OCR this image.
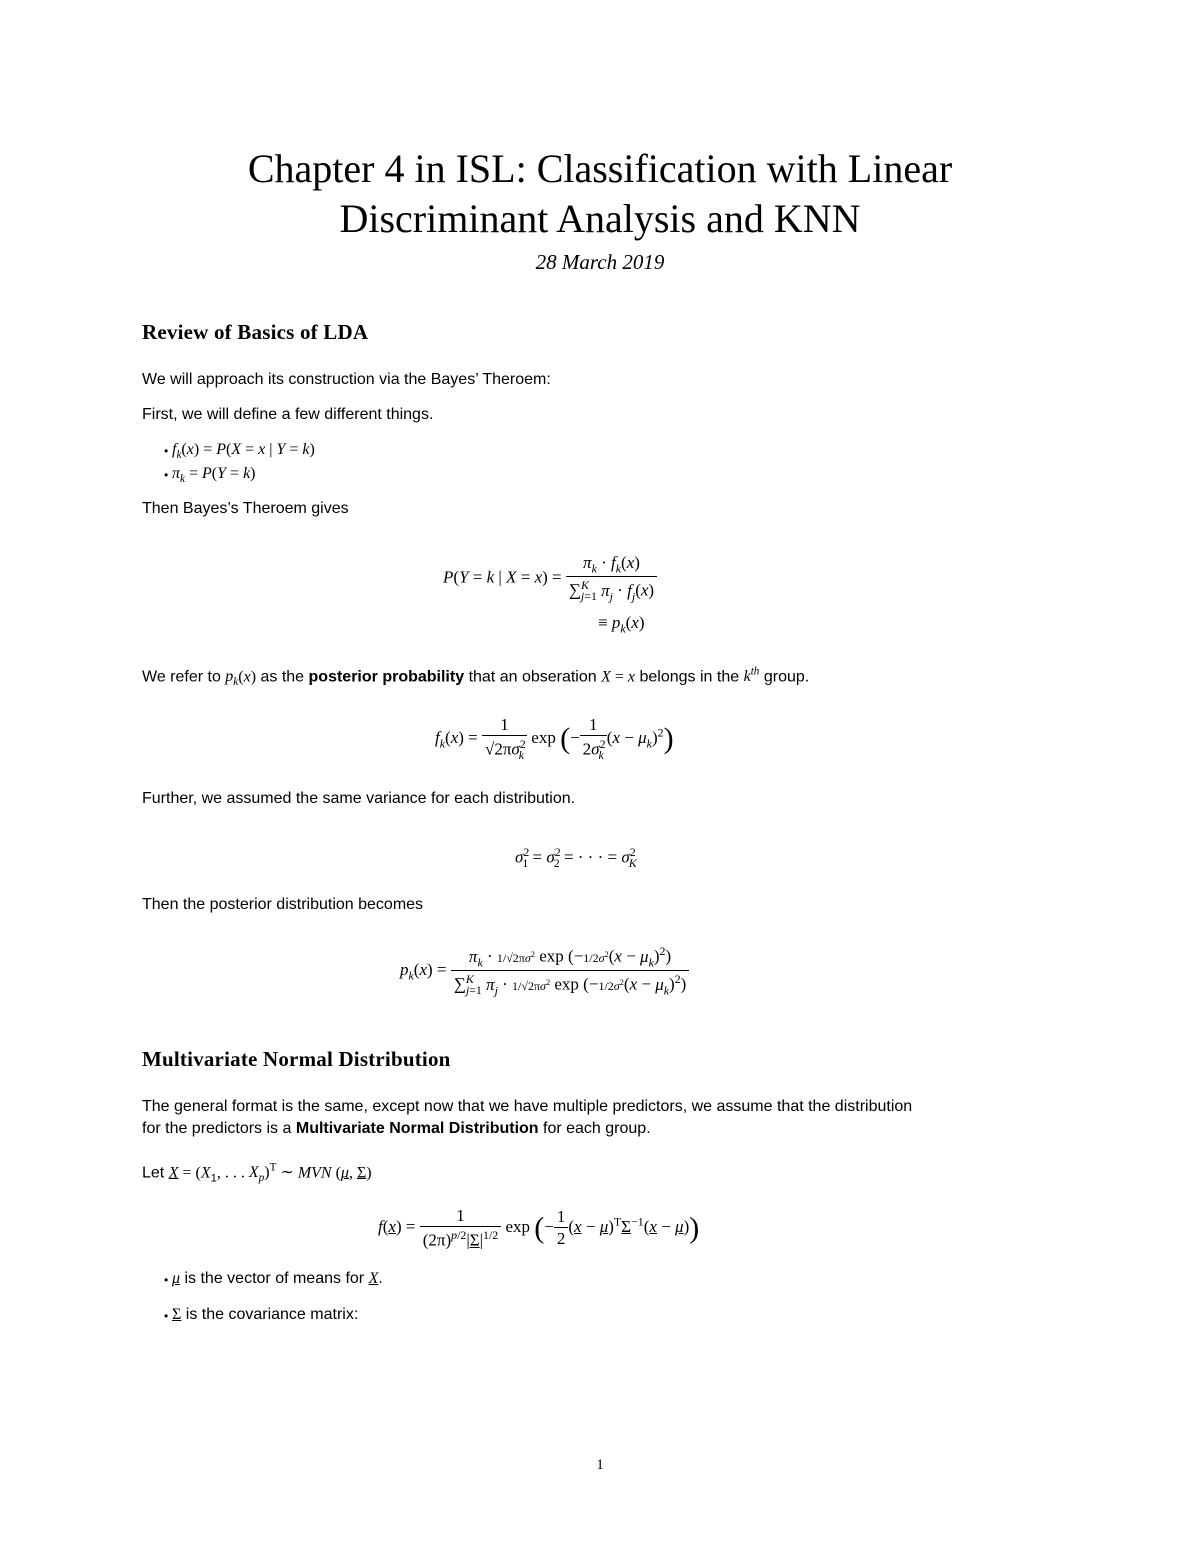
Chapter 4 in ISL: Classification with Linear
Discriminant Analysis and KNN
28 March 2019
Review of Basics of LDA
We will approach its construction via the Bayes’ Theroem:
First, we will define a few different things.
• $f_k(x) = P(X = x$ | Y = k)
• $\pi_k = P(Y = k)$
Then Bayes’s Theroem gives
P(Y = k | $X = x) = \frac{\pi_k \cdot f_k(x)}{\sum^K_{j=1} \pi_j \cdot f_j(x)}$
≡ $p_k(x)$
We refer to $p_k(x)$ as the posterior probability that an obseration X = x belongs in the $k^{th}$ group.
$f_k(x) = \frac{1}{√2\pi\sigma^2_k}$ exp (− $\frac{1}{2\sigma^2_k} (x - \mu_k)^2$)
Further, we assumed the same variance for each distribution.
$\sigma^2_1 = \sigma^2_2$ = · · · = $\sigma^2_K$
Then the posterior distribution becomes
$p_k(x) = \frac{\pi_k \cdot 1/√2\pi\sigma^2 \exp (-1/2\sigma^2(x - \mu_k)^2)}{\sum^K_{j=1} \pi_j \cdot 1/√2\pi\sigma^2 \exp (-1/2\sigma^2(x - \mu_k)^2)}$
Multivariate Normal Distribution
The general format is the same, except now that we have multiple predictors, we assume that the distribution
for the predictors is a Multivariate Normal Distribution for each group.
Let $X = (X_1$, . . . $X_p)^T$ ∼ MVN (μ, Σ)
$f(x) = \frac{1}{(2\pi)^{p/2}|\Sigma|^{1/2}}$ exp (− $\frac{1}{2} (x - \mu)^T\Sigma^{-1}(x - \mu)$)
• μ is the vector of means for X.
• Σ is the covariance matrix:
1
